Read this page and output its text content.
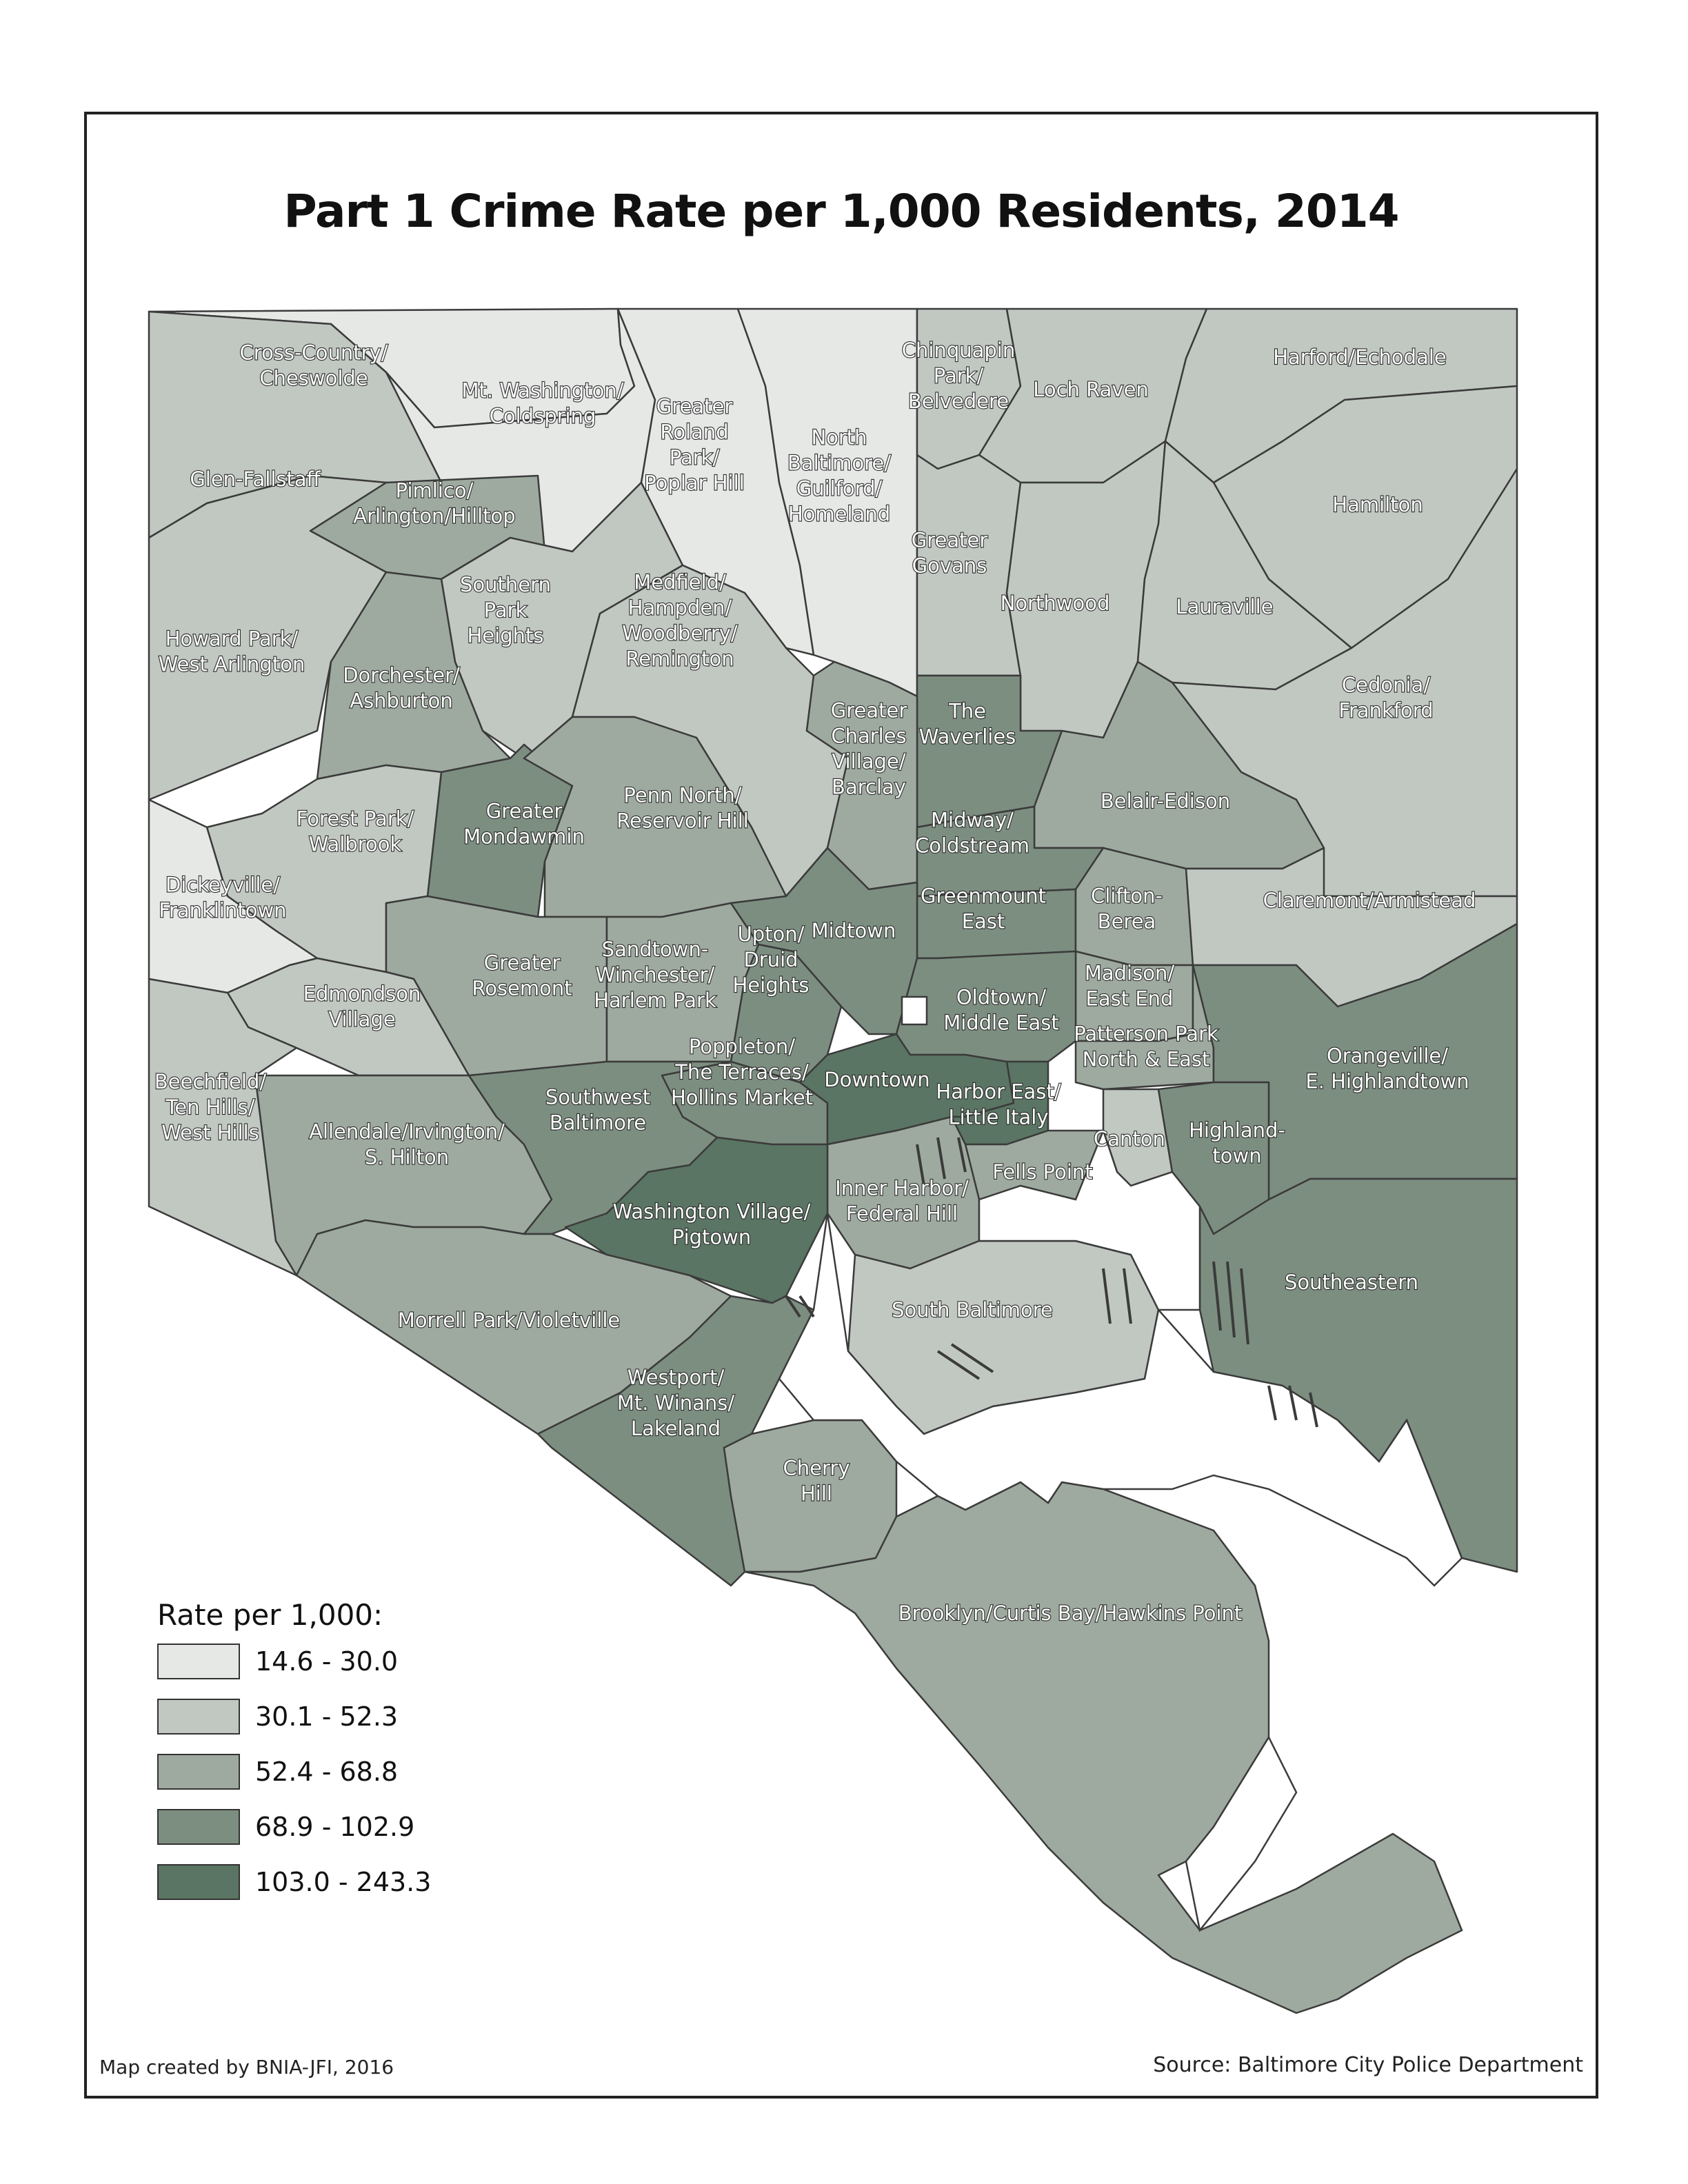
Part 1 Crime Rate per 1,000 Residents, 2014
Cross-Country/ Cheswolde
Mt. Washington/ Coldspring	Greater Roland Park/ Poplar Hill
North Baltimore/ Guilford/ Homeland
Chinquapin Park/ Belvedere	Loch Raven
Harford/Echodale
Glen-Fallstaff	Pimlico/ Arlington/Hilltop	Hamilton
Southern Park Heights
Medfield/ Hampden/ Woodberry/ Remington
Greater Govans
Northwood	Lauraville
Howard Park/ West Arlington Dorchester/ Ashburton	The Waverlies
Cedonia/ Frankford
Greater Charles Village/ Barclay
Greater Mondawmin
Penn North/ Reservoir Hill
Belair-Edison
Forest Park/ Walbrook
Midway/ Coldstream
Dickeyville/ Franklintown
Greenmount East
Clifton-Berea
Claremont/Armistead
Midtown
Greater Rosemont
Sandtown-Winchester/ Harlem Park
Upton/ Druid Heights
Edmondson Village
Madison/ East End
Oldtown/ Middle East Patterson Park North & East	Orangeville/ E. Highlandtown
Poppleton/ The Terraces/ Hollins Market
Downtown
Beechfield/ Ten Hills/ West Hills	Allendale/Irvington/ S. Hilton
Southwest Baltimore
Harbor East/ Little Italy
Canton Highland-town
Fells Point
Inner Harbor/ Federal Hill
Washington Village/ Pigtown
Southeastern
South Baltimore
Morrell Park/Violetville
Westport/ Mt. Winans/ Lakeland
Cherry Hill
Brooklyn/Curtis Bay/Hawkins Point
Rate per 1,000:
14.6 - 30.0
30.1 - 52.3
52.4 - 68.8
68.9 - 102.9
103.0 - 243.3
Map created by BNIA-JFI, 2016	Source: Baltimore City Police Department
